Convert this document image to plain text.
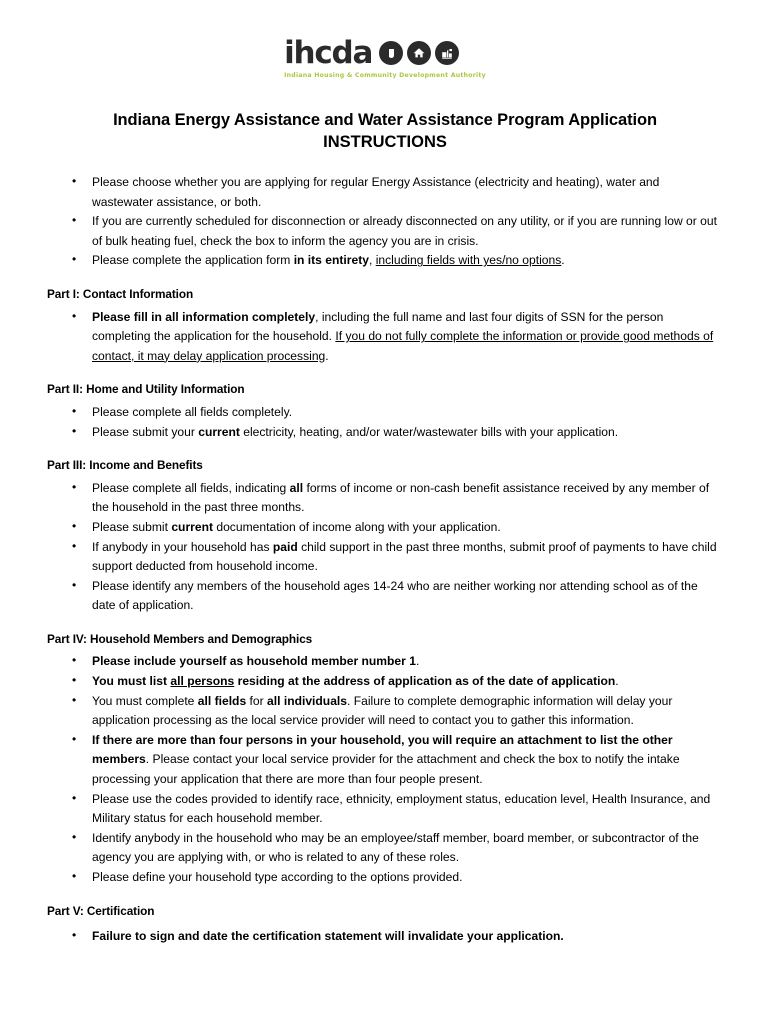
ihcda
Indiana Housing & Community Development Authority
Indiana Energy Assistance and Water Assistance Program Application
INSTRUCTIONS
• Please choose whether you are applying for regular Energy Assistance (electricity and heating), water and wastewater assistance, or both.
• If you are currently scheduled for disconnection or already disconnected on any utility, or if you are running low or out of bulk heating fuel, check the box to inform the agency you are in crisis.
• Please complete the application form in its entirety, including fields with yes/no options.
Part I: Contact Information
• Please fill in all information completely, including the full name and last four digits of SSN for the person completing the application for the household. If you do not fully complete the information or provide good methods of contact, it may delay application processing.
Part II: Home and Utility Information
• Please complete all fields completely.
• Please submit your current electricity, heating, and/or water/wastewater bills with your application.
Part III: Income and Benefits
• Please complete all fields, indicating all forms of income or non-cash benefit assistance received by any member of the household in the past three months.
• Please submit current documentation of income along with your application.
• If anybody in your household has paid child support in the past three months, submit proof of payments to have child support deducted from household income.
• Please identify any members of the household ages 14-24 who are neither working nor attending school as of the date of application.
Part IV: Household Members and Demographics
• Please include yourself as household member number 1.
• You must list all persons residing at the address of application as of the date of application.
• You must complete all fields for all individuals. Failure to complete demographic information will delay your application processing as the local service provider will need to contact you to gather this information.
• If there are more than four persons in your household, you will require an attachment to list the other members. Please contact your local service provider for the attachment and check the box to notify the intake processing your application that there are more than four people present.
• Please use the codes provided to identify race, ethnicity, employment status, education level, Health Insurance, and Military status for each household member.
• Identify anybody in the household who may be an employee/staff member, board member, or subcontractor of the agency you are applying with, or who is related to any of these roles.
• Please define your household type according to the options provided.
Part V: Certification
• Failure to sign and date the certification statement will invalidate your application.
